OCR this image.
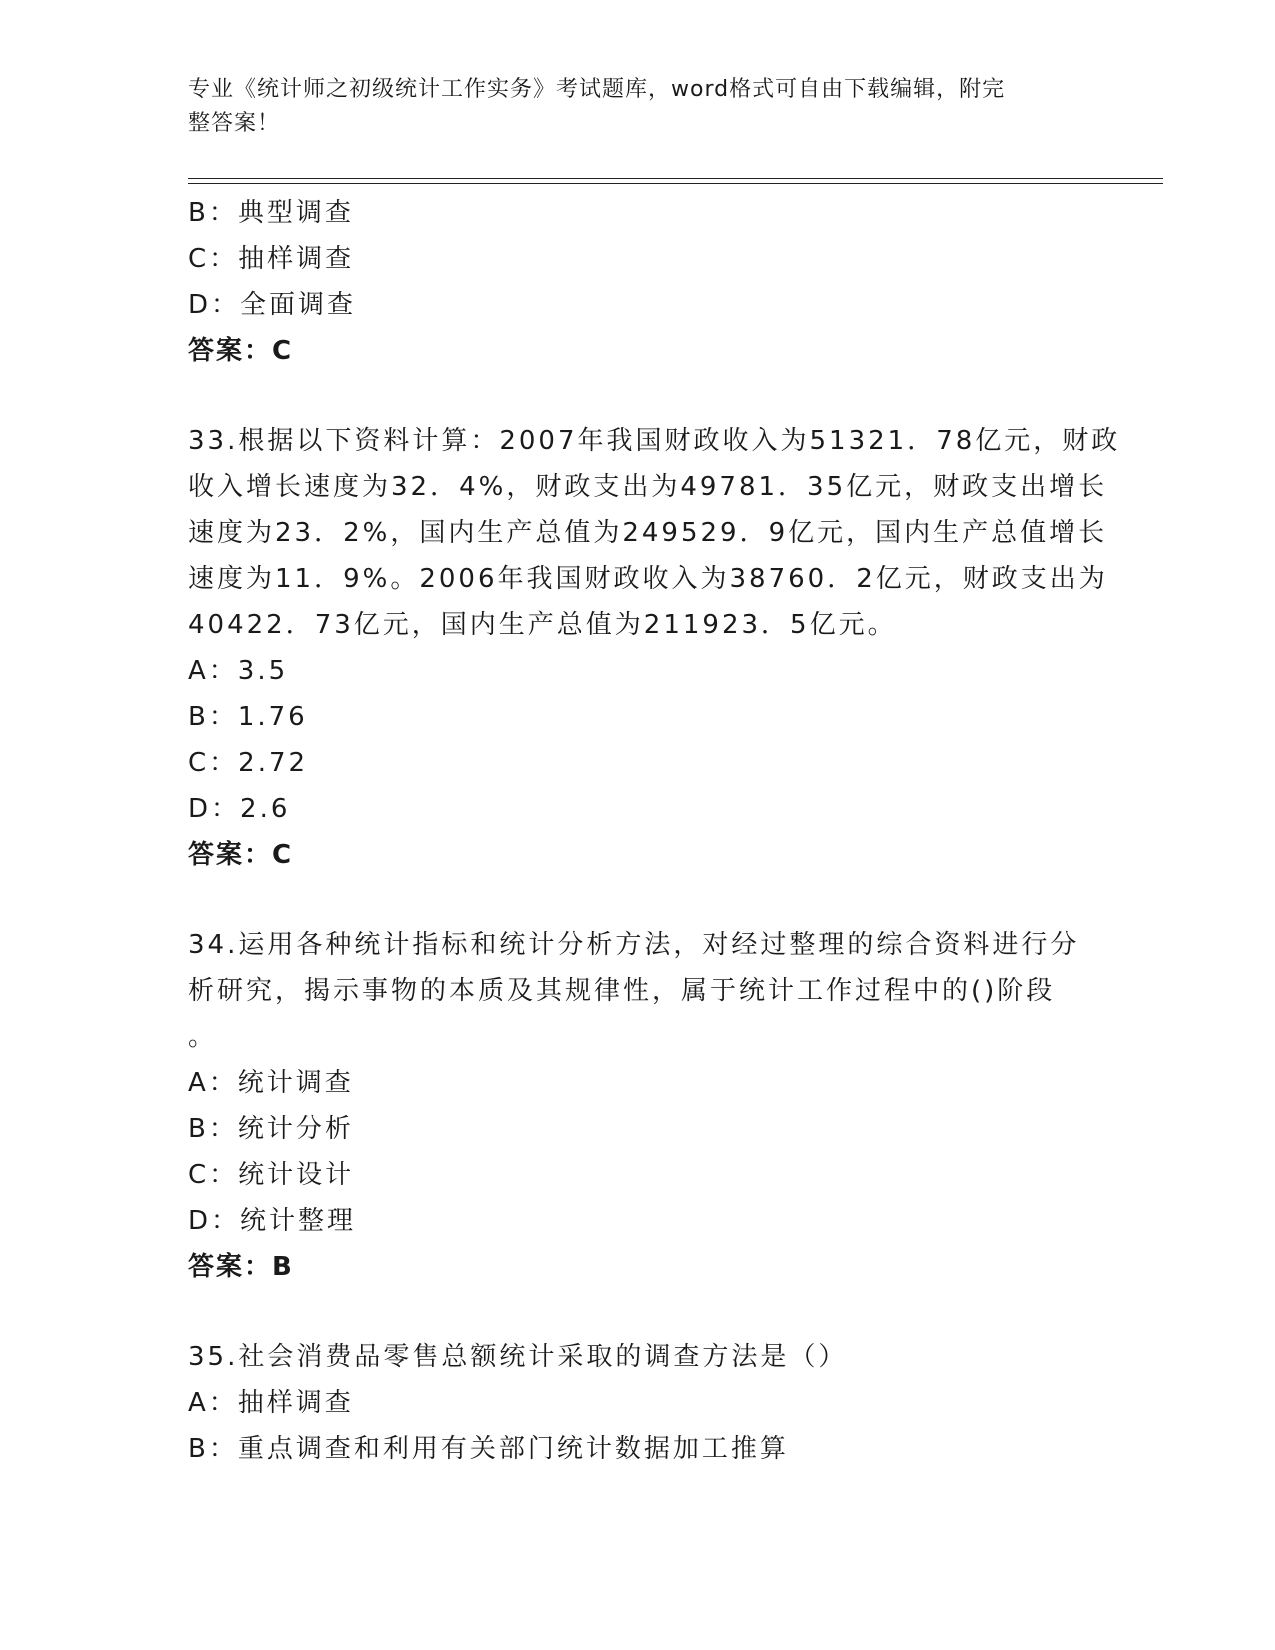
专业《统计师之初级统计工作实务》考试题库，word格式可自由下载编辑，附完
整答案！
B：典型调查
C：抽样调查
D：全面调查
答案：C
33.根据以下资料计算：2007年我国财政收入为51321．78亿元，财政
收入增长速度为32．4%，财政支出为49781．35亿元，财政支出增长
速度为23．2%，国内生产总值为249529．9亿元，国内生产总值增长
速度为11．9%。2006年我国财政收入为38760．2亿元，财政支出为
40422．73亿元，国内生产总值为211923．5亿元。
A：3.5
B：1.76
C：2.72
D：2.6
答案：C
34.运用各种统计指标和统计分析方法，对经过整理的综合资料进行分
析研究，揭示事物的本质及其规律性，属于统计工作过程中的()阶段
。
A：统计调查
B：统计分析
C：统计设计
D：统计整理
答案：B
35.社会消费品零售总额统计采取的调查方法是（）
A：抽样调查
B：重点调查和利用有关部门统计数据加工推算
